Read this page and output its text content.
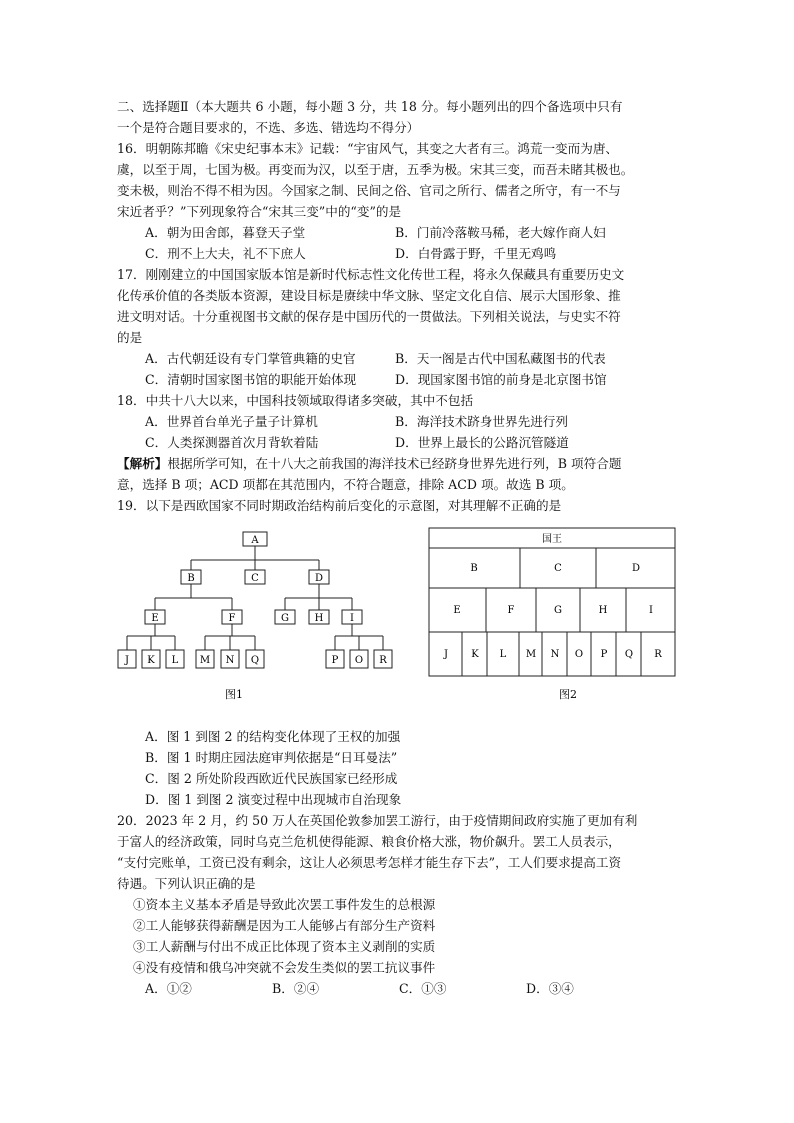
二、选择题Ⅱ（本大题共 6 小题，每小题 3 分，共 18 分。每小题列出的四个备选项中只有
一个是符合题目要求的，不选、多选、错选均不得分）
16．明朝陈邦瞻《宋史纪事本末》记载：“宇宙风气，其变之大者有三。鸿荒一变而为唐、
虞，以至于周，七国为极。再变而为汉，以至于唐，五季为极。宋其三变，而吾未睹其极也。
变未极，则治不得不相为因。今国家之制、民间之俗、官司之所行、儒者之所守，有一不与
宋近者乎？”下列现象符合“宋其三变”中的“变”的是
A．朝为田舍郎，暮登天子堂	B．门前冷落鞍马稀，老大嫁作商人妇
C．刑不上大夫，礼不下庶人	D．白骨露于野，千里无鸡鸣
17．刚刚建立的中国国家版本馆是新时代标志性文化传世工程，将永久保藏具有重要历史文
化传承价值的各类版本资源，建设目标是赓续中华文脉、坚定文化自信、展示大国形象、推
进文明对话。十分重视图书文献的保存是中国历代的一贯做法。下列相关说法，与史实不符
的是
A．古代朝廷设有专门掌管典籍的史官	B．天一阁是古代中国私藏图书的代表
C．清朝时国家图书馆的职能开始体现	D．现国家图书馆的前身是北京图书馆
18．中共十八大以来，中国科技领域取得诸多突破，其中不包括
A．世界首台单光子量子计算机	B．海洋技术跻身世界先进行列
C．人类探测器首次月背软着陆	D．世界上最长的公路沉管隧道
【解析】根据所学可知，在十八大之前我国的海洋技术已经跻身世界先进行列，B 项符合题
意，选择 B 项；ACD 项都在其范围内，不符合题意，排除 ACD 项。故选 B 项。
19．以下是西欧国家不同时期政治结构前后变化的示意图，对其理解不正确的是
A
B	C	D
E	F	G	H	I
J K L M N Q	P O R
图1
国王
B	C	D
E	F	G	H	I
J K L M N O P Q R
图2
A．图 1 到图 2 的结构变化体现了王权的加强
B．图 1 时期庄园法庭审判依据是“日耳曼法”
C．图 2 所处阶段西欧近代民族国家已经形成
D．图 1 到图 2 演变过程中出现城市自治现象
20．2023 年 2 月，约 50 万人在英国伦敦参加罢工游行，由于疫情期间政府实施了更加有利
于富人的经济政策，同时乌克兰危机使得能源、粮食价格大涨，物价飙升。罢工人员表示，
“支付完账单，工资已没有剩余，这让人必须思考怎样才能生存下去”，工人们要求提高工资
待遇。下列认识正确的是
①资本主义基本矛盾是导致此次罢工事件发生的总根源
②工人能够获得薪酬是因为工人能够占有部分生产资料
③工人薪酬与付出不成正比体现了资本主义剥削的实质
④没有疫情和俄乌冲突就不会发生类似的罢工抗议事件
A．①②	B．②④	C．①③	D．③④
